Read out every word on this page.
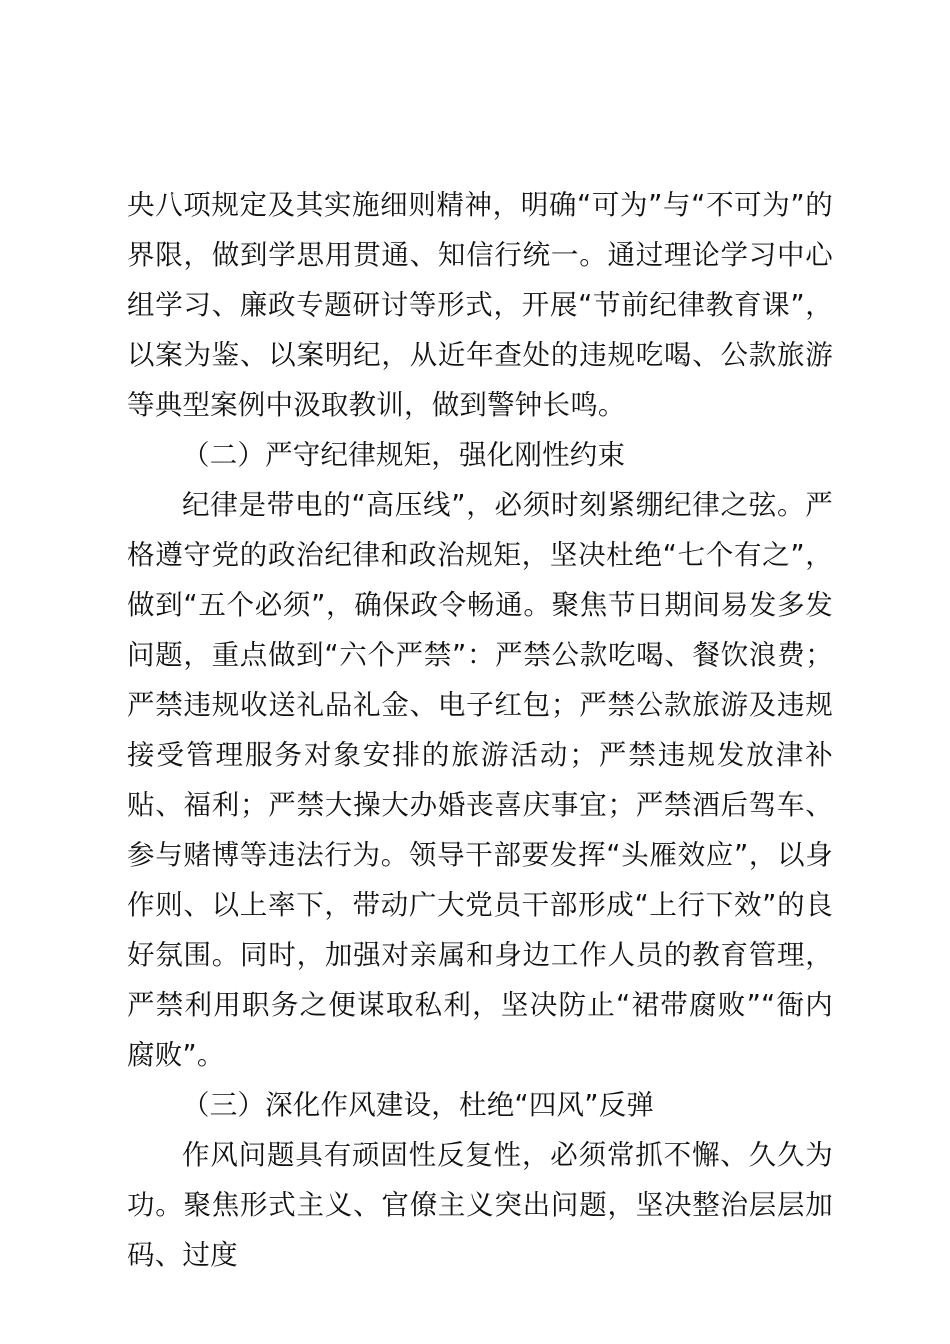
央八项规定及其实施细则精神，明确“可为”与“不可为”的界限，做到学思用贯通、知信行统一。通过理论学习中心组学习、廉政专题研讨等形式，开展“节前纪律教育课”，以案为鉴、以案明纪，从近年查处的违规吃喝、公款旅游等典型案例中汲取教训，做到警钟长鸣。

（二）严守纪律规矩，强化刚性约束

纪律是带电的“高压线”，必须时刻紧绷纪律之弦。严格遵守党的政治纪律和政治规矩，坚决杜绝“七个有之”，做到“五个必须”，确保政令畅通。聚焦节日期间易发多发问题，重点做到“六个严禁”：严禁公款吃喝、餐饮浪费；严禁违规收送礼品礼金、电子红包；严禁公款旅游及违规接受管理服务对象安排的旅游活动；严禁违规发放津补贴、福利；严禁大操大办婚丧喜庆事宜；严禁酒后驾车、参与赌博等违法行为。领导干部要发挥“头雁效应”，以身作则、以上率下，带动广大党员干部形成“上行下效”的良好氛围。同时，加强对亲属和身边工作人员的教育管理，严禁利用职务之便谋取私利，坚决防止“裙带腐败”“衙内腐败”。

（三）深化作风建设，杜绝“四风”反弹

作风问题具有顽固性反复性，必须常抓不懈、久久为功。聚焦形式主义、官僚主义突出问题，坚决整治层层加码、过度
